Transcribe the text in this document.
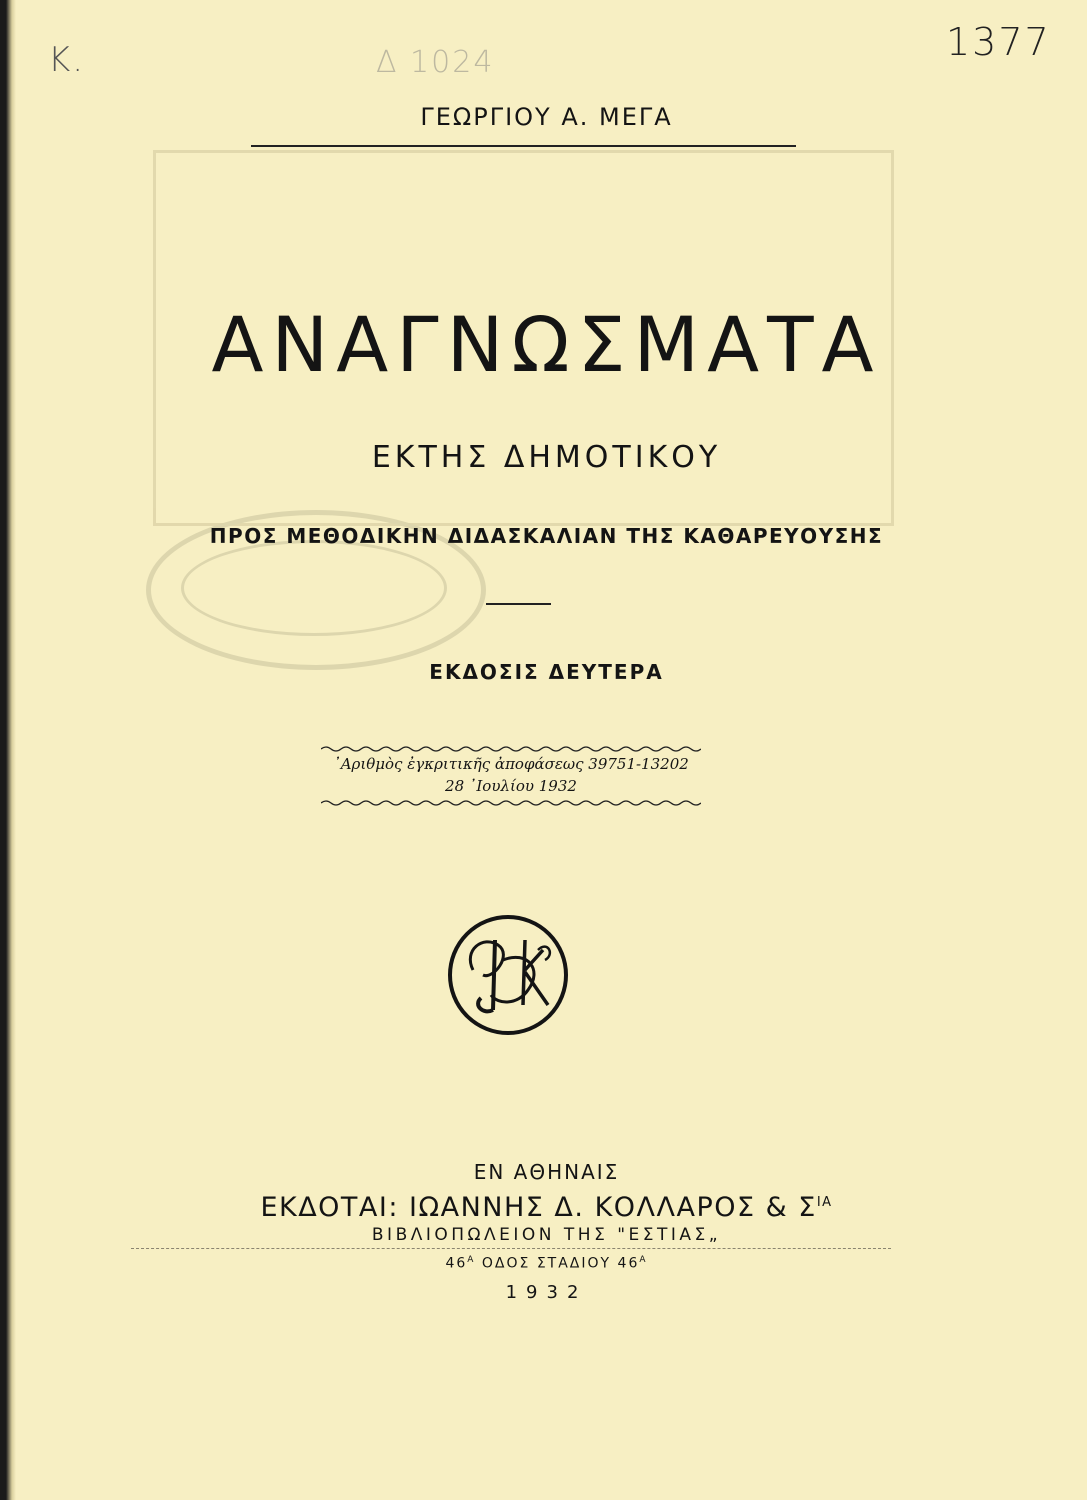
Κ.	Δ 1024	1377
ΓΕΩΡΓΙΟΥ Α. ΜΕΓΑ
ΑΝΑΓΝΩΣΜΑΤΑ
ΕΚΤΗΣ ΔΗΜΟΤΙΚΟΥ
ΠΡΟΣ ΜΕΘΟΔΙΚΗΝ ΔΙΔΑΣΚΑΛΙΑΝ ΤΗΣ ΚΑΘΑΡΕΥΟΥΣΗΣ
ΕΚΔΟΣΙΣ ΔΕΥΤΕΡΑ
᾿Αριθμὸς ἐγκριτικῆς ἀποφάσεως 39751-13202
28 ᾿Ιουλίου 1932
ΕΝ ΑΘΗΝΑΙΣ
ΕΚΔΟΤΑΙ: ΙΩΑΝΝΗΣ Δ. ΚΟΛΛΑΡΟΣ & $\Sigma^{IA}$
ΒΙΒΛΙΟΠΩΛΕΙΟΝ ΤΗΣ "ΕΣΤΙΑΣ„
$46^A$ ΟΔΟΣ ΣΤΑΔΙΟΥ $46^A$
1932
